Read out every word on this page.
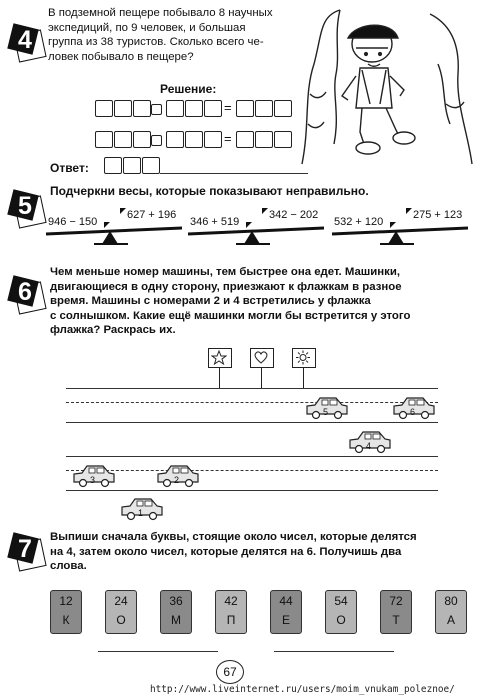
4
В подземной пещере побывало 8 научных
экспедиций, по 9 человек, и большая
группа из 38 туристов. Сколько всего че-
ловек побывало в пещере?
Решение:
=
=
Ответ:
5
Подчеркни весы, которые показывают неправильно.
946 − 150
627 + 196
346 + 519
342 − 202
532 + 120
275 + 123
6
Чем меньше номер машины, тем быстрее она едет. Машинки,
двигающиеся в одну сторону, приезжают к флажкам в разное
время. Машины с номерами 2 и 4 встретились у флажка
с солнышком. Какие ещё машинки могли бы встретится у этого
флажка? Раскрась их.
5	6
4
3	2
1
7	Выпиши сначала буквы, стоящие около чисел, которые делятся
на 4, затем около чисел, которые делятся на 6. Получишь два
слова.
12
К
24
О
36
М
42
П
44
Е
54
О
72
Т
80
А
67
http://www.liveinternet.ru/users/moim_vnukam_poleznoe/
